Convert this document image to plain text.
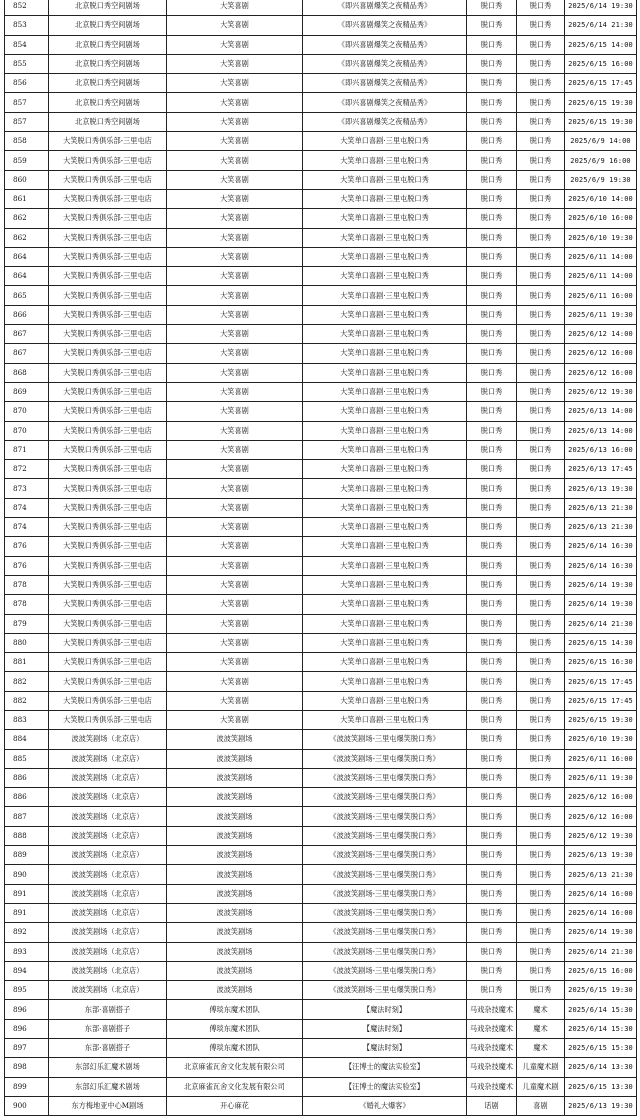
852	北京脱口秀空间剧场	大笑喜剧	《即兴喜剧爆笑之夜精品秀》	脱口秀	脱口秀	2025/6/14 19:30
853	北京脱口秀空间剧场	大笑喜剧	《即兴喜剧爆笑之夜精品秀》	脱口秀	脱口秀	2025/6/14 21:30
854	北京脱口秀空间剧场	大笑喜剧	《即兴喜剧爆笑之夜精品秀》	脱口秀	脱口秀	2025/6/15 14:00
855	北京脱口秀空间剧场	大笑喜剧	《即兴喜剧爆笑之夜精品秀》	脱口秀	脱口秀	2025/6/15 16:00
856	北京脱口秀空间剧场	大笑喜剧	《即兴喜剧爆笑之夜精品秀》	脱口秀	脱口秀	2025/6/15 17:45
857	北京脱口秀空间剧场	大笑喜剧	《即兴喜剧爆笑之夜精品秀》	脱口秀	脱口秀	2025/6/15 19:30
857	北京脱口秀空间剧场	大笑喜剧	《即兴喜剧爆笑之夜精品秀》	脱口秀	脱口秀	2025/6/15 19:30
858	大笑脱口秀俱乐部-三里屯店	大笑喜剧	大笑单口喜剧·三里屯脱口秀	脱口秀	脱口秀	2025/6/9 14:00
859	大笑脱口秀俱乐部-三里屯店	大笑喜剧	大笑单口喜剧·三里屯脱口秀	脱口秀	脱口秀	2025/6/9 16:00
860	大笑脱口秀俱乐部-三里屯店	大笑喜剧	大笑单口喜剧·三里屯脱口秀	脱口秀	脱口秀	2025/6/9 19:30
861	大笑脱口秀俱乐部-三里屯店	大笑喜剧	大笑单口喜剧·三里屯脱口秀	脱口秀	脱口秀	2025/6/10 14:00
862	大笑脱口秀俱乐部-三里屯店	大笑喜剧	大笑单口喜剧·三里屯脱口秀	脱口秀	脱口秀	2025/6/10 16:00
862	大笑脱口秀俱乐部-三里屯店	大笑喜剧	大笑单口喜剧·三里屯脱口秀	脱口秀	脱口秀	2025/6/10 19:30
864	大笑脱口秀俱乐部-三里屯店	大笑喜剧	大笑单口喜剧·三里屯脱口秀	脱口秀	脱口秀	2025/6/11 14:00
864	大笑脱口秀俱乐部-三里屯店	大笑喜剧	大笑单口喜剧·三里屯脱口秀	脱口秀	脱口秀	2025/6/11 14:00
865	大笑脱口秀俱乐部-三里屯店	大笑喜剧	大笑单口喜剧·三里屯脱口秀	脱口秀	脱口秀	2025/6/11 16:00
866	大笑脱口秀俱乐部-三里屯店	大笑喜剧	大笑单口喜剧·三里屯脱口秀	脱口秀	脱口秀	2025/6/11 19:30
867	大笑脱口秀俱乐部-三里屯店	大笑喜剧	大笑单口喜剧·三里屯脱口秀	脱口秀	脱口秀	2025/6/12 14:00
867	大笑脱口秀俱乐部-三里屯店	大笑喜剧	大笑单口喜剧·三里屯脱口秀	脱口秀	脱口秀	2025/6/12 16:00
868	大笑脱口秀俱乐部-三里屯店	大笑喜剧	大笑单口喜剧·三里屯脱口秀	脱口秀	脱口秀	2025/6/12 16:00
869	大笑脱口秀俱乐部-三里屯店	大笑喜剧	大笑单口喜剧·三里屯脱口秀	脱口秀	脱口秀	2025/6/12 19:30
870	大笑脱口秀俱乐部-三里屯店	大笑喜剧	大笑单口喜剧·三里屯脱口秀	脱口秀	脱口秀	2025/6/13 14:00
870	大笑脱口秀俱乐部-三里屯店	大笑喜剧	大笑单口喜剧·三里屯脱口秀	脱口秀	脱口秀	2025/6/13 14:00
871	大笑脱口秀俱乐部-三里屯店	大笑喜剧	大笑单口喜剧·三里屯脱口秀	脱口秀	脱口秀	2025/6/13 16:00
872	大笑脱口秀俱乐部-三里屯店	大笑喜剧	大笑单口喜剧·三里屯脱口秀	脱口秀	脱口秀	2025/6/13 17:45
873	大笑脱口秀俱乐部-三里屯店	大笑喜剧	大笑单口喜剧·三里屯脱口秀	脱口秀	脱口秀	2025/6/13 19:30
874	大笑脱口秀俱乐部-三里屯店	大笑喜剧	大笑单口喜剧·三里屯脱口秀	脱口秀	脱口秀	2025/6/13 21:30
874	大笑脱口秀俱乐部-三里屯店	大笑喜剧	大笑单口喜剧·三里屯脱口秀	脱口秀	脱口秀	2025/6/13 21:30
876	大笑脱口秀俱乐部-三里屯店	大笑喜剧	大笑单口喜剧·三里屯脱口秀	脱口秀	脱口秀	2025/6/14 16:30
876	大笑脱口秀俱乐部-三里屯店	大笑喜剧	大笑单口喜剧·三里屯脱口秀	脱口秀	脱口秀	2025/6/14 16:30
878	大笑脱口秀俱乐部-三里屯店	大笑喜剧	大笑单口喜剧·三里屯脱口秀	脱口秀	脱口秀	2025/6/14 19:30
878	大笑脱口秀俱乐部-三里屯店	大笑喜剧	大笑单口喜剧·三里屯脱口秀	脱口秀	脱口秀	2025/6/14 19:30
879	大笑脱口秀俱乐部-三里屯店	大笑喜剧	大笑单口喜剧·三里屯脱口秀	脱口秀	脱口秀	2025/6/14 21:30
880	大笑脱口秀俱乐部-三里屯店	大笑喜剧	大笑单口喜剧·三里屯脱口秀	脱口秀	脱口秀	2025/6/15 14:30
881	大笑脱口秀俱乐部-三里屯店	大笑喜剧	大笑单口喜剧·三里屯脱口秀	脱口秀	脱口秀	2025/6/15 16:30
882	大笑脱口秀俱乐部-三里屯店	大笑喜剧	大笑单口喜剧·三里屯脱口秀	脱口秀	脱口秀	2025/6/15 17:45
882	大笑脱口秀俱乐部-三里屯店	大笑喜剧	大笑单口喜剧·三里屯脱口秀	脱口秀	脱口秀	2025/6/15 17:45
883	大笑脱口秀俱乐部-三里屯店	大笑喜剧	大笑单口喜剧·三里屯脱口秀	脱口秀	脱口秀	2025/6/15 19:30
884	波波笑剧场（北京店）	波波笑剧场	《波波笑剧场-三里屯爆笑脱口秀》	脱口秀	脱口秀	2025/6/10 19:30
885	波波笑剧场（北京店）	波波笑剧场	《波波笑剧场-三里屯爆笑脱口秀》	脱口秀	脱口秀	2025/6/11 16:00
886	波波笑剧场（北京店）	波波笑剧场	《波波笑剧场-三里屯爆笑脱口秀》	脱口秀	脱口秀	2025/6/11 19:30
886	波波笑剧场（北京店）	波波笑剧场	《波波笑剧场-三里屯爆笑脱口秀》	脱口秀	脱口秀	2025/6/12 16:00
887	波波笑剧场（北京店）	波波笑剧场	《波波笑剧场-三里屯爆笑脱口秀》	脱口秀	脱口秀	2025/6/12 16:00
888	波波笑剧场（北京店）	波波笑剧场	《波波笑剧场-三里屯爆笑脱口秀》	脱口秀	脱口秀	2025/6/12 19:30
889	波波笑剧场（北京店）	波波笑剧场	《波波笑剧场-三里屯爆笑脱口秀》	脱口秀	脱口秀	2025/6/13 19:30
890	波波笑剧场（北京店）	波波笑剧场	《波波笑剧场-三里屯爆笑脱口秀》	脱口秀	脱口秀	2025/6/13 21:30
891	波波笑剧场（北京店）	波波笑剧场	《波波笑剧场-三里屯爆笑脱口秀》	脱口秀	脱口秀	2025/6/14 16:00
891	波波笑剧场（北京店）	波波笑剧场	《波波笑剧场-三里屯爆笑脱口秀》	脱口秀	脱口秀	2025/6/14 16:00
892	波波笑剧场（北京店）	波波笑剧场	《波波笑剧场-三里屯爆笑脱口秀》	脱口秀	脱口秀	2025/6/14 19:30
893	波波笑剧场（北京店）	波波笑剧场	《波波笑剧场-三里屯爆笑脱口秀》	脱口秀	脱口秀	2025/6/14 21:30
894	波波笑剧场（北京店）	波波笑剧场	《波波笑剧场-三里屯爆笑脱口秀》	脱口秀	脱口秀	2025/6/15 16:00
895	波波笑剧场（北京店）	波波笑剧场	《波波笑剧场-三里屯爆笑脱口秀》	脱口秀	脱口秀	2025/6/15 19:30
896	东部·喜剧搭子	傅琰东魔术团队	【魔法时刻】	马戏杂技魔术	魔术	2025/6/14 15:30
896	东部·喜剧搭子	傅琰东魔术团队	【魔法时刻】	马戏杂技魔术	魔术	2025/6/14 15:30
897	东部·喜剧搭子	傅琰东魔术团队	【魔法时刻】	马戏杂技魔术	魔术	2025/6/15 15:30
898	东部幻乐汇魔术剧场	北京麻雀瓦舍文化发展有限公司	【汪博士的魔法实验室】	马戏杂技魔术	儿童魔术剧	2025/6/14 13:30
899	东部幻乐汇魔术剧场	北京麻雀瓦舍文化发展有限公司	【汪博士的魔法实验室】	马戏杂技魔术	儿童魔术剧	2025/6/15 13:30
900	东方梅地亚中心M剧场	开心麻花	《婚礼大爆客》	话剧	喜剧	2025/6/13 19:30
